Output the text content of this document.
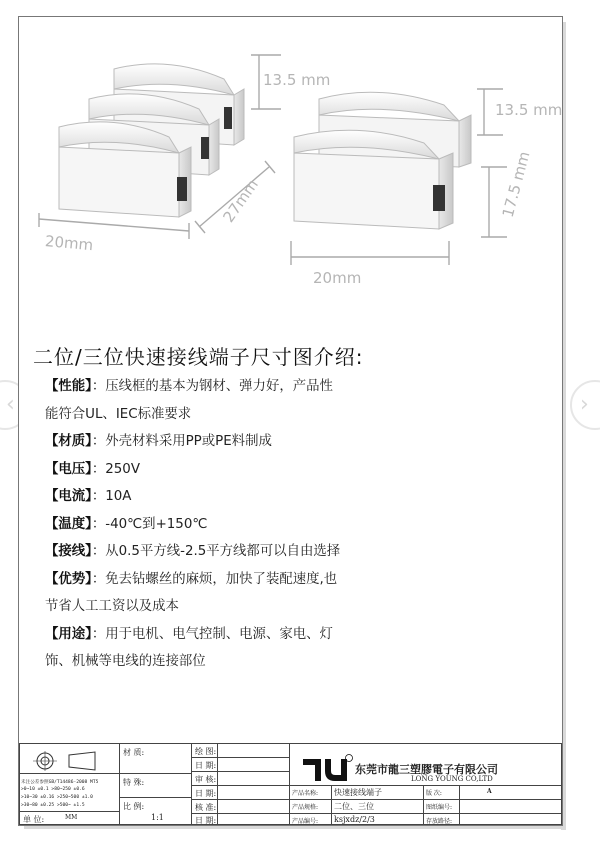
‹
13.5 mm
13.5 mm
17.5 mm
27mm
20mm
20mm
二位/三位快速接线端子尺寸图介绍:
【性能】：压线框的基本为钢材、弹力好，产品性
能符合UL、IEC标准要求
【材质】：外壳材料采用PP或PE料制成
【电压】：250V
【电流】：10A
【温度】：-40℃到+150℃
【接线】：从0.5平方线-2.5平方线都可以自由选择
【优势】：免去钻螺丝的麻烦，加快了装配速度,也
节省人工工资以及成本
【用途】：用于电机、电气控制、电源、家电、灯
饰、机械等电线的连接部位
未注公差参照GB/T14486-2008 MT5
>0~10 ±0.1 >80~250 ±0.6
>10~30 ±0.16 >250~500 ±1.0
>30~80 ±0.25 >500~ ±1.5
单 位:	MM
材 质:
特 殊:
比 例:
1:1
绘 图:
日 期:
审 核:
日 期:
核 准:
日 期:
东莞市龍三塑膠電子有限公司
LONG YOUNG CO,LTD
产品名称: 快速接线端子	版 次:	A
产品规格: 二位、三位	图纸编号:
产品编号: ksjxdz/2/3	存放路径:
›
